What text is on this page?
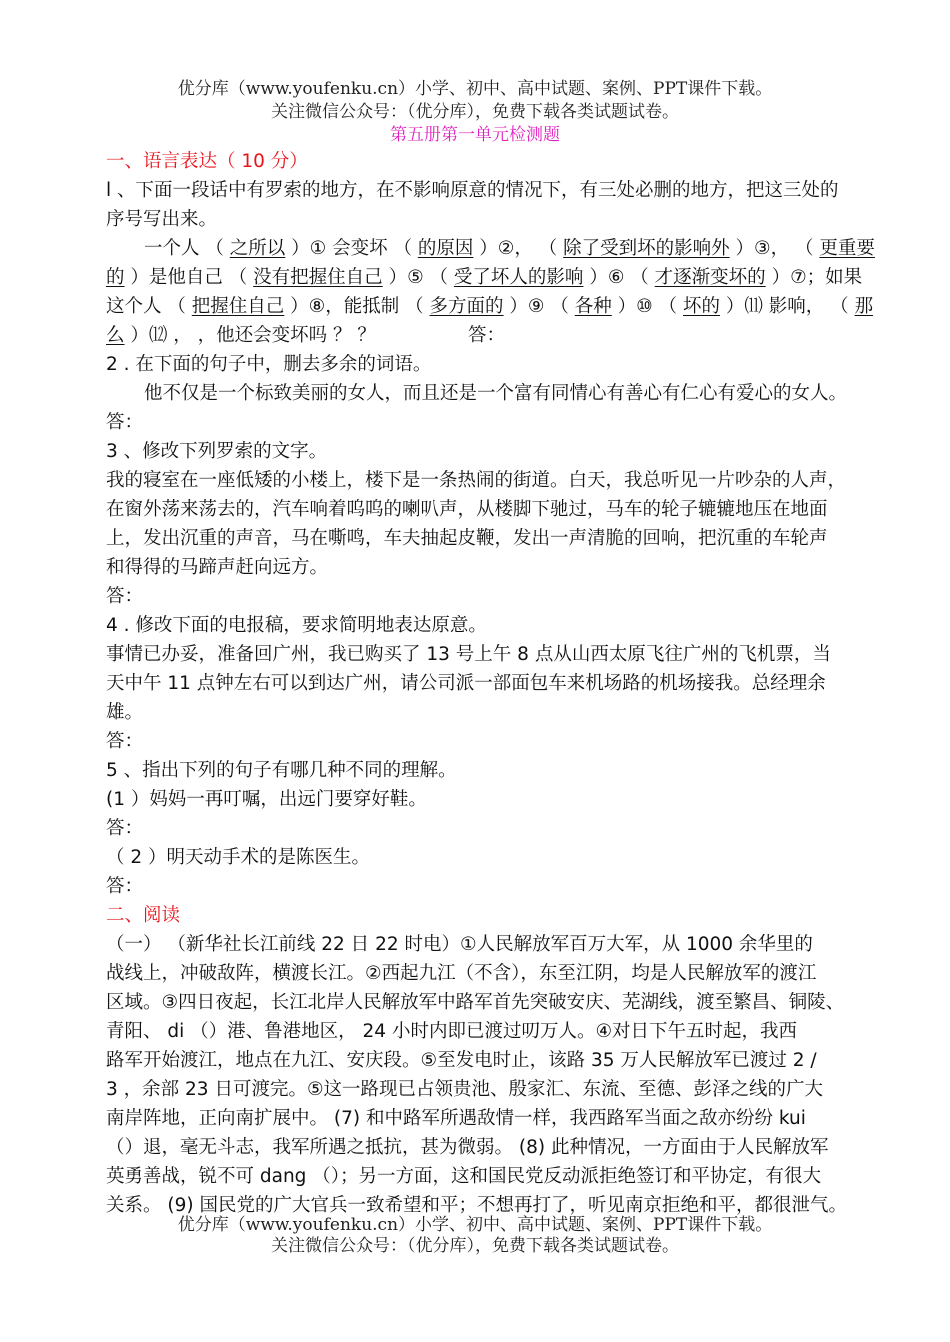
优分库（www.youfenku.cn）小学、初中、高中试题、案例、PPT课件下载。
关注微信公众号：（优分库），免费下载各类试题试卷。
第五册第一单元检测题
一、语言表达（ 10 分）
l 、下面一段话中有罗索的地方，在不影响原意的情况下，有三处必删的地方，把这三处的
序号写出来。
一个人 （ 之所以 ）① 会变坏 （ 的原因 ）②， （ 除了受到坏的影响外 ）③， （ 更重要
的 ）是他自己 （ 没有把握住自己 ）⑤ （ 受了坏人的影响 ）⑥ （ 才逐渐变坏的 ）⑦；如果
这个人 （ 把握住自己 ）⑧，能抵制 （ 多方面的 ）⑨ （ 各种 ）⑩ （ 坏的 ）⑾ 影响， （ 那
么 ）⑿ ， ，他还会变坏吗 ？ ？	答：
2 . 在下面的句子中，删去多余的词语。
他不仅是一个标致美丽的女人，而且还是一个富有同情心有善心有仁心有爱心的女人。
答：
3 、修改下列罗索的文字。
我的寝室在一座低矮的小楼上，楼下是一条热闹的街道。白天，我总听见一片吵杂的人声，
在窗外荡来荡去的，汽车响着呜呜的喇叭声，从楼脚下驰过，马车的轮子辘辘地压在地面
上，发出沉重的声音，马在嘶鸣，车夫抽起皮鞭，发出一声清脆的回响，把沉重的车轮声
和得得的马蹄声赶向远方。
答：
4 . 修改下面的电报稿，要求简明地表达原意。
事情已办妥，准备回广州，我已购买了 13 号上午 8 点从山西太原飞往广州的飞机票，当
天中午 11 点钟左右可以到达广州，请公司派一部面包车来机场路的机场接我。总经理余
雄。
答：
5 、指出下列的句子有哪几种不同的理解。
(1 ）妈妈一再叮嘱，出远门要穿好鞋。
答：
（ 2 ）明天动手术的是陈医生。
答：
二、阅读
（一） （新华社长江前线 22 日 22 时电）①人民解放军百万大军，从 1000 余华里的
战线上，冲破敌阵，横渡长江。②西起九江（不含），东至江阴，均是人民解放军的渡江
区域。③四日夜起，长江北岸人民解放军中路军首先突破安庆、芜湖线，渡至繁昌、铜陵、
青阳、 di （）港、鲁港地区， 24 小时内即已渡过叨万人。④对日下午五时起，我西
路军开始渡江，地点在九江、安庆段。⑤至发电时止，该路 35 万人民解放军已渡过 2 /
3 ，余部 23 日可渡完。⑤这一路现已占领贵池、殷家汇、东流、至德、彭泽之线的广大
南岸阵地，正向南扩展中。 (7) 和中路军所遇敌情一样，我西路军当面之敌亦纷纷 kui
（）退，毫无斗志，我军所遇之抵抗，甚为微弱。 (8) 此种情况，一方面由于人民解放军
英勇善战，锐不可 dang （）；另一方面，这和国民党反动派拒绝签订和平协定，有很大
关系。 (9) 国民党的广大官兵一致希望和平；不想再打了，听见南京拒绝和平，都很泄气。
优分库（www.youfenku.cn）小学、初中、高中试题、案例、PPT课件下载。
关注微信公众号：（优分库），免费下载各类试题试卷。
